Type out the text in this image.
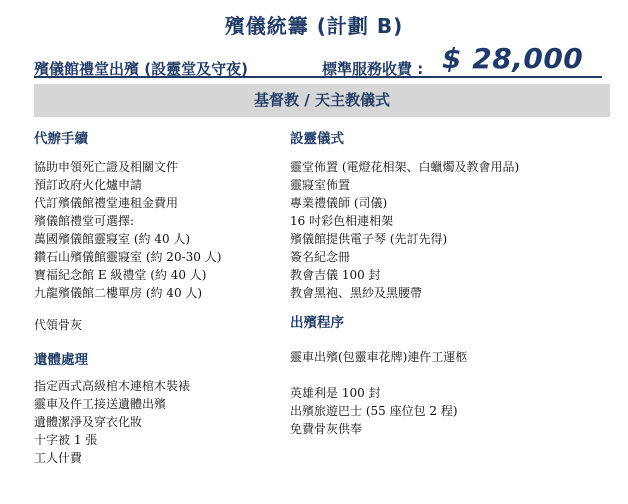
殯儀統籌 (計劃 B)
殯儀館禮堂出殯 (設靈堂及守夜)	標準服務收費 : $ 28,000
基督教 / 天主教儀式
代辦手續
協助申領死亡證及相關文件
預訂政府火化爐申請
代訂殯儀館禮堂連租金費用
殯儀館禮堂可選擇:
萬國殯儀館靈寢室 (約 40 人)
鑽石山殯儀館靈寢室 (約 20-30 人)
寶福紀念館 E 級禮堂 (約 40 人)
九龍殯儀館二樓單房 (約 40 人)
代領骨灰
遺體處理
指定西式高級棺木連棺木裝裱
靈車及仵工接送遺體出殯
遺體潔淨及穿衣化妝
十字被 1 張
工人什費
設靈儀式
靈堂佈置 (電燈花相架、白蠟燭及教會用品)
靈寢室佈置
專業禮儀師 (司儀)
16 吋彩色相連相架
殯儀館提供電子琴 (先訂先得)
簽名紀念冊
教會吉儀 100 封
教會黑袍、黑紗及黑腰帶
出殯程序
靈車出殯(包靈車花牌)連仵工運柩
英雄利是 100 封
出殯旅遊巴士 (55 座位包 2 程)
免費骨灰供奉
